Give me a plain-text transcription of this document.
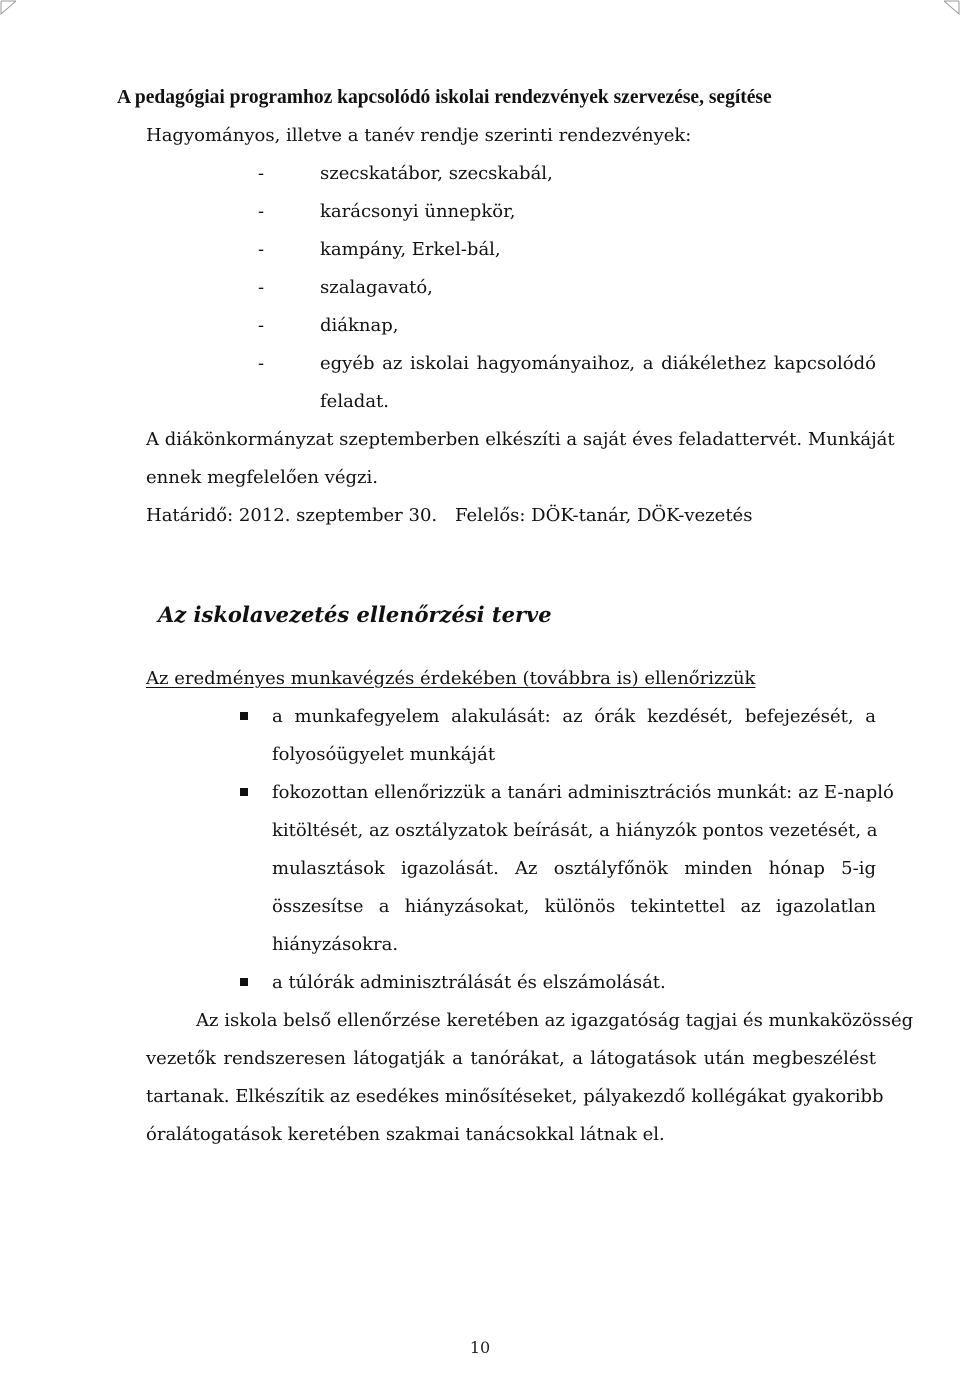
A pedagógiai programhoz kapcsolódó iskolai rendezvények szervezése, segítése
Hagyományos, illetve a tanév rendje szerinti rendezvények:
-	szecskatábor, szecskabál,
-	karácsonyi ünnepkör,
-	kampány, Erkel-bál,
-	szalagavató,
-	diáknap,
-	egyéb az iskolai hagyományaihoz, a diákélethez kapcsolódó
feladat.
A diákönkormányzat szeptemberben elkészíti a saját éves feladattervét. Munkáját
ennek megfelelően végzi.
Határidő: 2012. szeptember 30. Felelős: DÖK-tanár, DÖK-vezetés
Az iskolavezetés ellenőrzési terve
Az eredményes munkavégzés érdekében (továbbra is) ellenőrizzük
a munkafegyelem alakulását: az órák kezdését, befejezését, a
folyosóügyelet munkáját
fokozottan ellenőrizzük a tanári adminisztrációs munkát: az E-napló
kitöltését, az osztályzatok beírását, a hiányzók pontos vezetését, a
mulasztások igazolását. Az osztályfőnök minden hónap 5-ig
összesítse a hiányzásokat, különös tekintettel az igazolatlan
hiányzásokra.
a túlórák adminisztrálását és elszámolását.
Az iskola belső ellenőrzése keretében az igazgatóság tagjai és munkaközösség
vezetők rendszeresen látogatják a tanórákat, a látogatások után megbeszélést
tartanak. Elkészítik az esedékes minősítéseket, pályakezdő kollégákat gyakoribb
óralátogatások keretében szakmai tanácsokkal látnak el.
10
